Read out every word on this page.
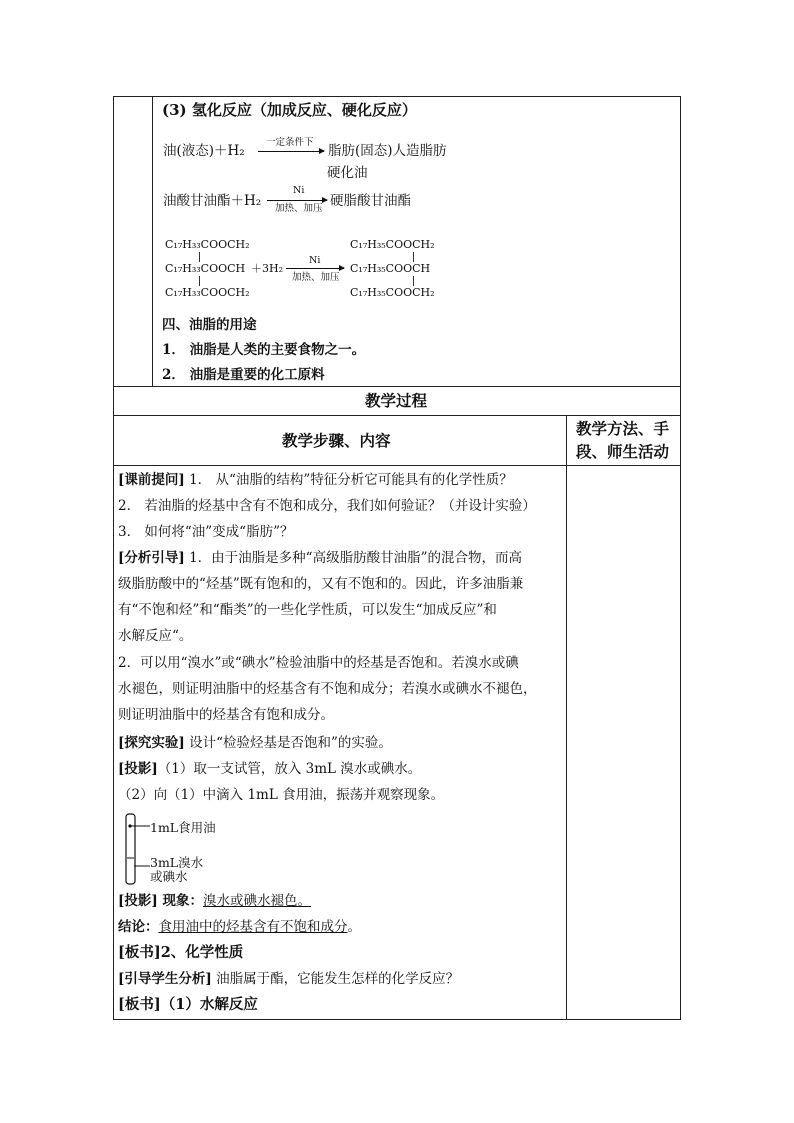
(3) 氢化反应（加成反应、硬化反应）
油(液态)＋H₂
一定条件下
脂肪(固态)人造脂肪
硬化油
Ni
油酸甘油酯＋H₂	硬脂酸甘油酯
加热、加压
C₁₇H₃₃COOCH₂
C₁₇H₃₃COOCH
C₁₇H₃₃COOCH₂
＋3H₂
Ni
加热、加压
C₁₇H₃₅COOCH₂
C₁₇H₃₅COOCH
C₁₇H₃₅COOCH₂
四、油脂的用途
1． 油脂是人类的主要食物之一。
2． 油脂是重要的化工原料
教学过程
教学步骤、内容
教学方法、手
段、师生活动
[课前提问] 1． 从“油脂的结构”特征分析它可能具有的化学性质？
2． 若油脂的烃基中含有不饱和成分，我们如何验证？（并设计实验）
3． 如何将“油”变成“脂肪”？
[分析引导] 1．由于油脂是多种“高级脂肪酸甘油脂”的混合物，而高
级脂肪酸中的“烃基”既有饱和的，又有不饱和的。因此，许多油脂兼
有“不饱和烃”和“酯类”的一些化学性质，可以发生“加成反应”和
水解反应“。
2．可以用“溴水”或“碘水”检验油脂中的烃基是否饱和。若溴水或碘
水褪色，则证明油脂中的烃基含有不饱和成分；若溴水或碘水不褪色，
则证明油脂中的烃基含有饱和成分。
[探究实验] 设计“检验烃基是否饱和”的实验。
[投影]（1）取一支试管，放入 3mL 溴水或碘水。
（2）向（1）中滴入 1mL 食用油，振荡并观察现象。
1mL食用油
3mL溴水
或碘水
[投影] 现象：溴水或碘水褪色。
结论：食用油中的烃基含有不饱和成分。
[板书]2、化学性质
[引导学生分析] 油脂属于酯，它能发生怎样的化学反应？
[板书]（1）水解反应
